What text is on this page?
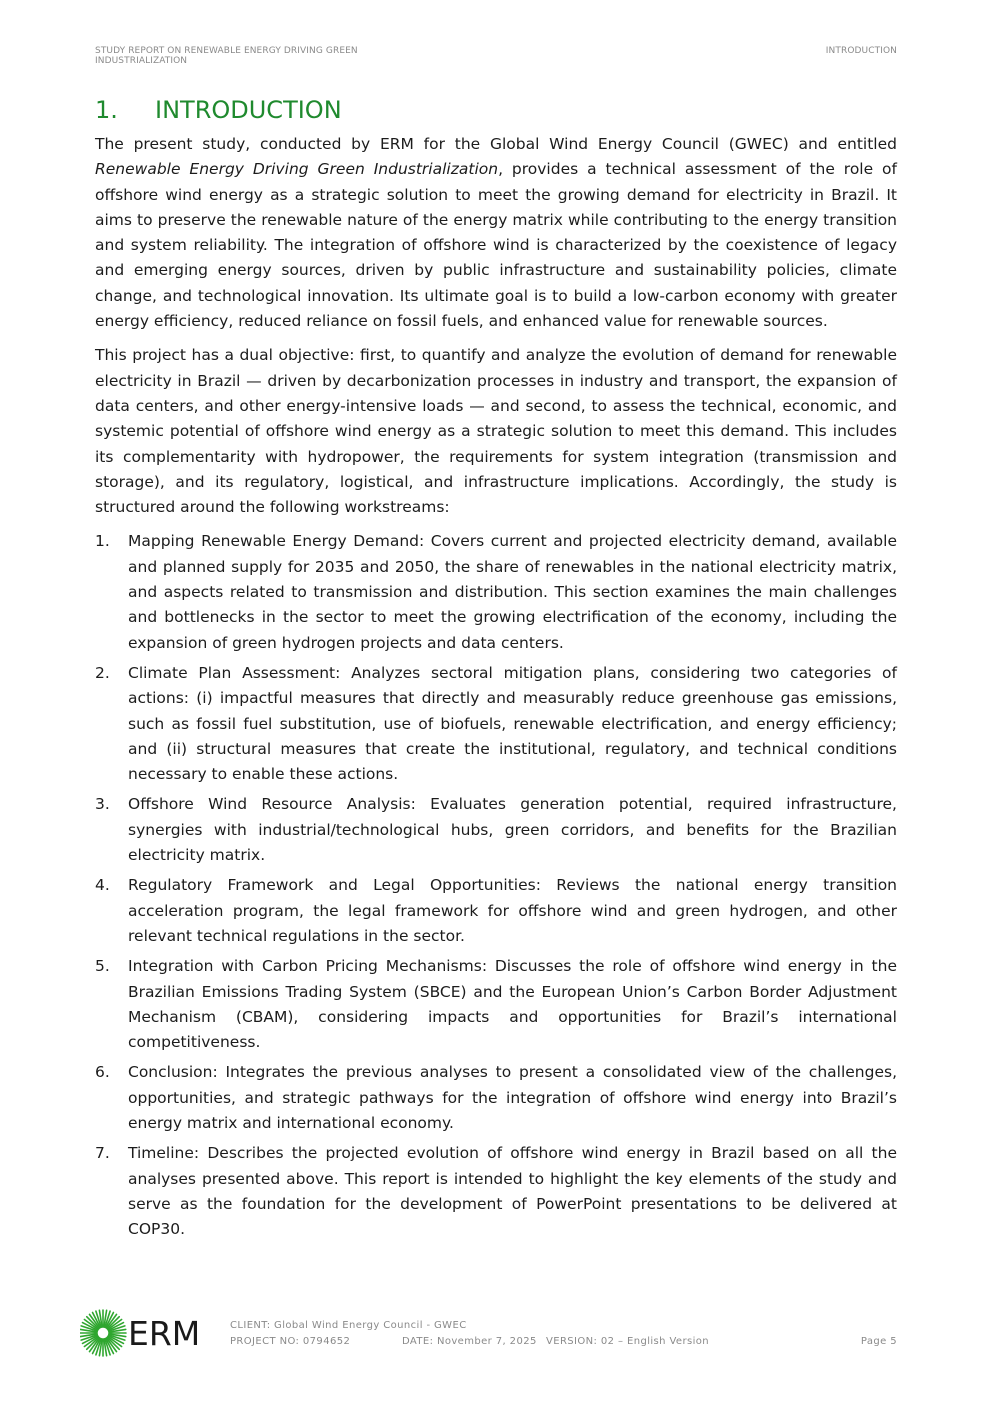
STUDY REPORT ON RENEWABLE ENERGY DRIVING GREEN INDUSTRIALIZATION
INTRODUCTION
1. INTRODUCTION

The present study, conducted by ERM for the Global Wind Energy Council (GWEC) and entitled Renewable Energy Driving Green Industrialization, provides a technical assessment of the role of offshore wind energy as a strategic solution to meet the growing demand for electricity in Brazil. It aims to preserve the renewable nature of the energy matrix while contributing to the energy transition and system reliability. The integration of offshore wind is characterized by the coexistence of legacy and emerging energy sources, driven by public infrastructure and sustainability policies, climate change, and technological innovation. Its ultimate goal is to build a low-carbon economy with greater energy efficiency, reduced reliance on fossil fuels, and enhanced value for renewable sources.

This project has a dual objective: first, to quantify and analyze the evolution of demand for renewable electricity in Brazil — driven by decarbonization processes in industry and transport, the expansion of data centers, and other energy-intensive loads — and second, to assess the technical, economic, and systemic potential of offshore wind energy as a strategic solution to meet this demand. This includes its complementarity with hydropower, the requirements for system integration (transmission and storage), and its regulatory, logistical, and infrastructure implications. Accordingly, the study is structured around the following workstreams:

1. Mapping Renewable Energy Demand: Covers current and projected electricity demand, available and planned supply for 2035 and 2050, the share of renewables in the national electricity matrix, and aspects related to transmission and distribution. This section examines the main challenges and bottlenecks in the sector to meet the growing electrification of the economy, including the expansion of green hydrogen projects and data centers.
2. Climate Plan Assessment: Analyzes sectoral mitigation plans, considering two categories of actions: (i) impactful measures that directly and measurably reduce greenhouse gas emissions, such as fossil fuel substitution, use of biofuels, renewable electrification, and energy efficiency; and (ii) structural measures that create the institutional, regulatory, and technical conditions necessary to enable these actions.
3. Offshore Wind Resource Analysis: Evaluates generation potential, required infrastructure, synergies with industrial/technological hubs, green corridors, and benefits for the Brazilian electricity matrix.
4. Regulatory Framework and Legal Opportunities: Reviews the national energy transition acceleration program, the legal framework for offshore wind and green hydrogen, and other relevant technical regulations in the sector.
5. Integration with Carbon Pricing Mechanisms: Discusses the role of offshore wind energy in the Brazilian Emissions Trading System (SBCE) and the European Union’s Carbon Border Adjustment Mechanism (CBAM), considering impacts and opportunities for Brazil’s international competitiveness.
6. Conclusion: Integrates the previous analyses to present a consolidated view of the challenges, opportunities, and strategic pathways for the integration of offshore wind energy into Brazil’s energy matrix and international economy.
7. Timeline: Describes the projected evolution of offshore wind energy in Brazil based on all the analyses presented above. This report is intended to highlight the key elements of the study and serve as the foundation for the development of PowerPoint presentations to be delivered at COP30.
ERM	CLIENT: Global Wind Energy Council - GWEC
PROJECT NO: 0794652	DATE: November 7, 2025 VERSION: 02 – English Version	Page 5
